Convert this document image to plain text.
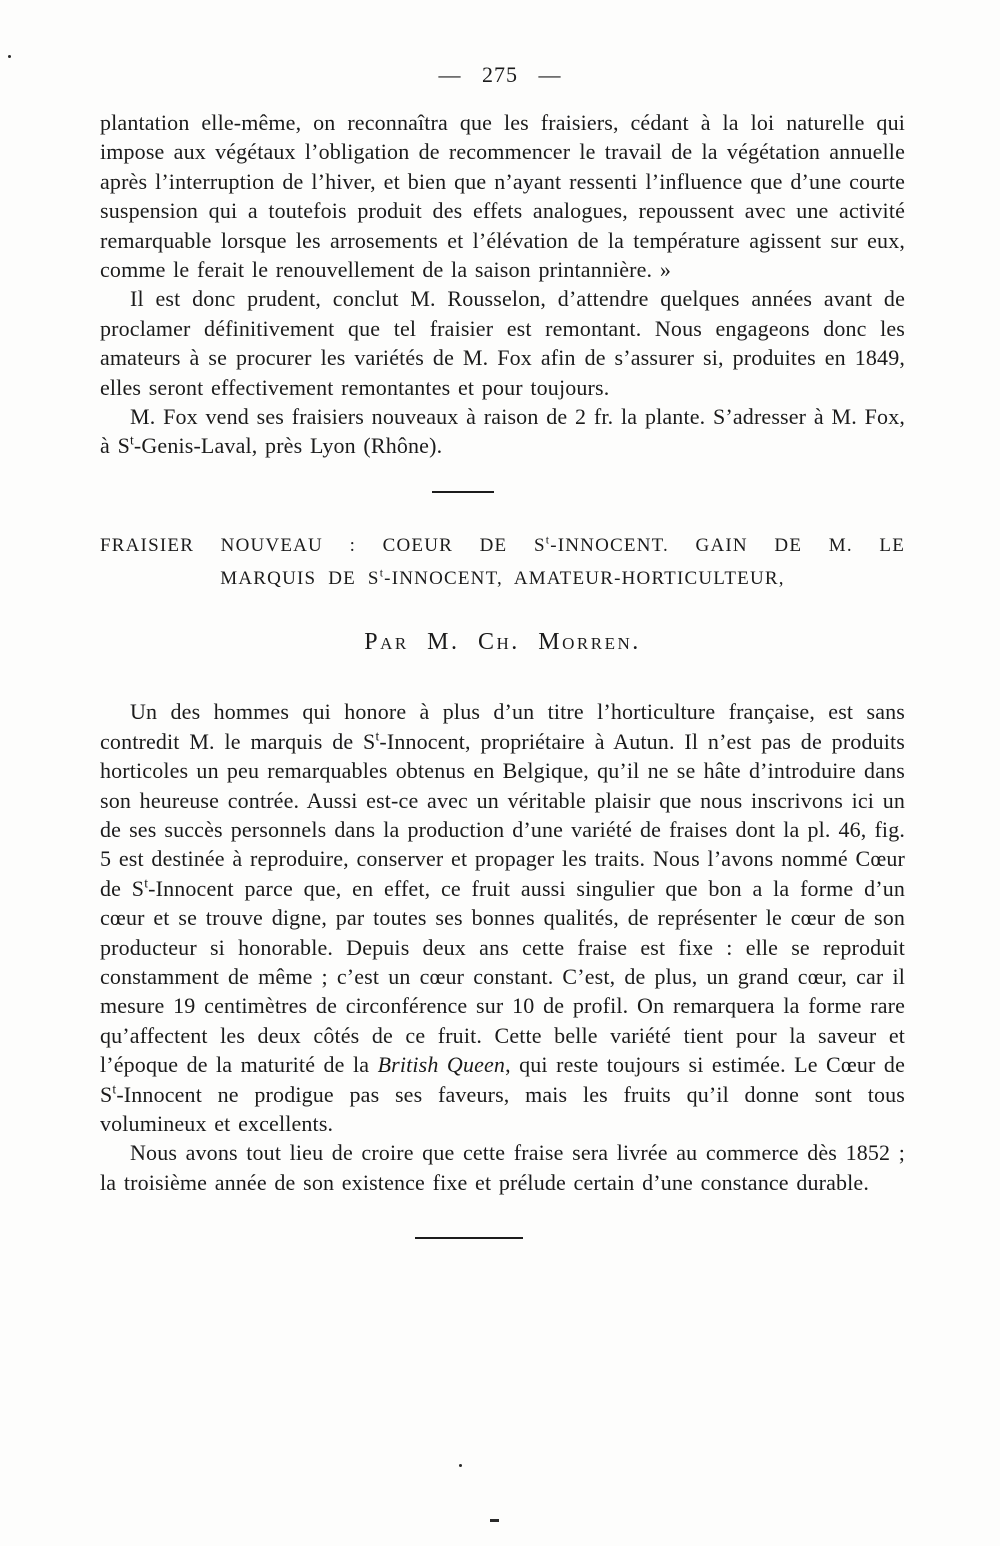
— 275 —

plantation elle-même, on reconnaîtra que les fraisiers, cédant à la loi naturelle qui impose aux végétaux l’obligation de recommencer le travail de la végétation annuelle après l’interruption de l’hiver, et bien que n’ayant ressenti l’influence que d’une courte suspension qui a toutefois produit des effets analogues, repoussent avec une activité remarquable lorsque les arrosements et l’élévation de la température agissent sur eux, comme le ferait le renouvellement de la saison printannière. »

Il est donc prudent, conclut M. Rousselon, d’attendre quelques années avant de proclamer définitivement que tel fraisier est remontant. Nous engageons donc les amateurs à se procurer les variétés de M. Fox afin de s’assurer si, produites en 1849, elles seront effectivement remontantes et pour toujours.

M. Fox vend ses fraisiers nouveaux à raison de 2 fr. la plante. S’adresser à M. Fox, à $S^t-Genis$-Laval, près Lyon (Rhône).

FRAISIER NOUVEAU : COEUR DE $S^t$-INNOCENT. GAIN DE M. LE
MARQUIS DE $S^t$-INNOCENT, AMATEUR-HORTICULTEUR,
Par M. Ch. Morren.

Un des hommes qui honore à plus d’un titre l’horticulture française, est sans contredit M. le marquis de $S^t$-Innocent, propriétaire à Autun. Il n’est pas de produits horticoles un peu remarquables obtenus en Belgique, qu’il ne se hâte d’introduire dans son heureuse contrée. Aussi est-ce avec un véritable plaisir que nous inscrivons ici un de ses succès personnels dans la production d’une variété de fraises dont la pl. 46, fig. 5 est destinée à reproduire, conserver et propager les traits. Nous l’avons nommé Cœur de $S^t$-Innocent parce que, en effet, ce fruit aussi singulier que bon a la forme d’un cœur et se trouve digne, par toutes ses bonnes qualités, de représenter le cœur de son producteur si honorable. Depuis deux ans cette fraise est fixe : elle se reproduit constamment de même ; c’est un cœur constant. C’est, de plus, un grand cœur, car il mesure 19 centimètres de circonférence sur 10 de profil. On remarquera la forme rare qu’affectent les deux côtés de ce fruit. Cette belle variété tient pour la saveur et l’époque de la maturité de la British Queen, qui reste toujours si estimée. Le Cœur de $S^t$-Innocent ne prodigue pas ses faveurs, mais les fruits qu’il donne sont tous volumineux et excellents.

Nous avons tout lieu de croire que cette fraise sera livrée au commerce dès 1852 ; la troisième année de son existence fixe et prélude certain d’une constance durable.
